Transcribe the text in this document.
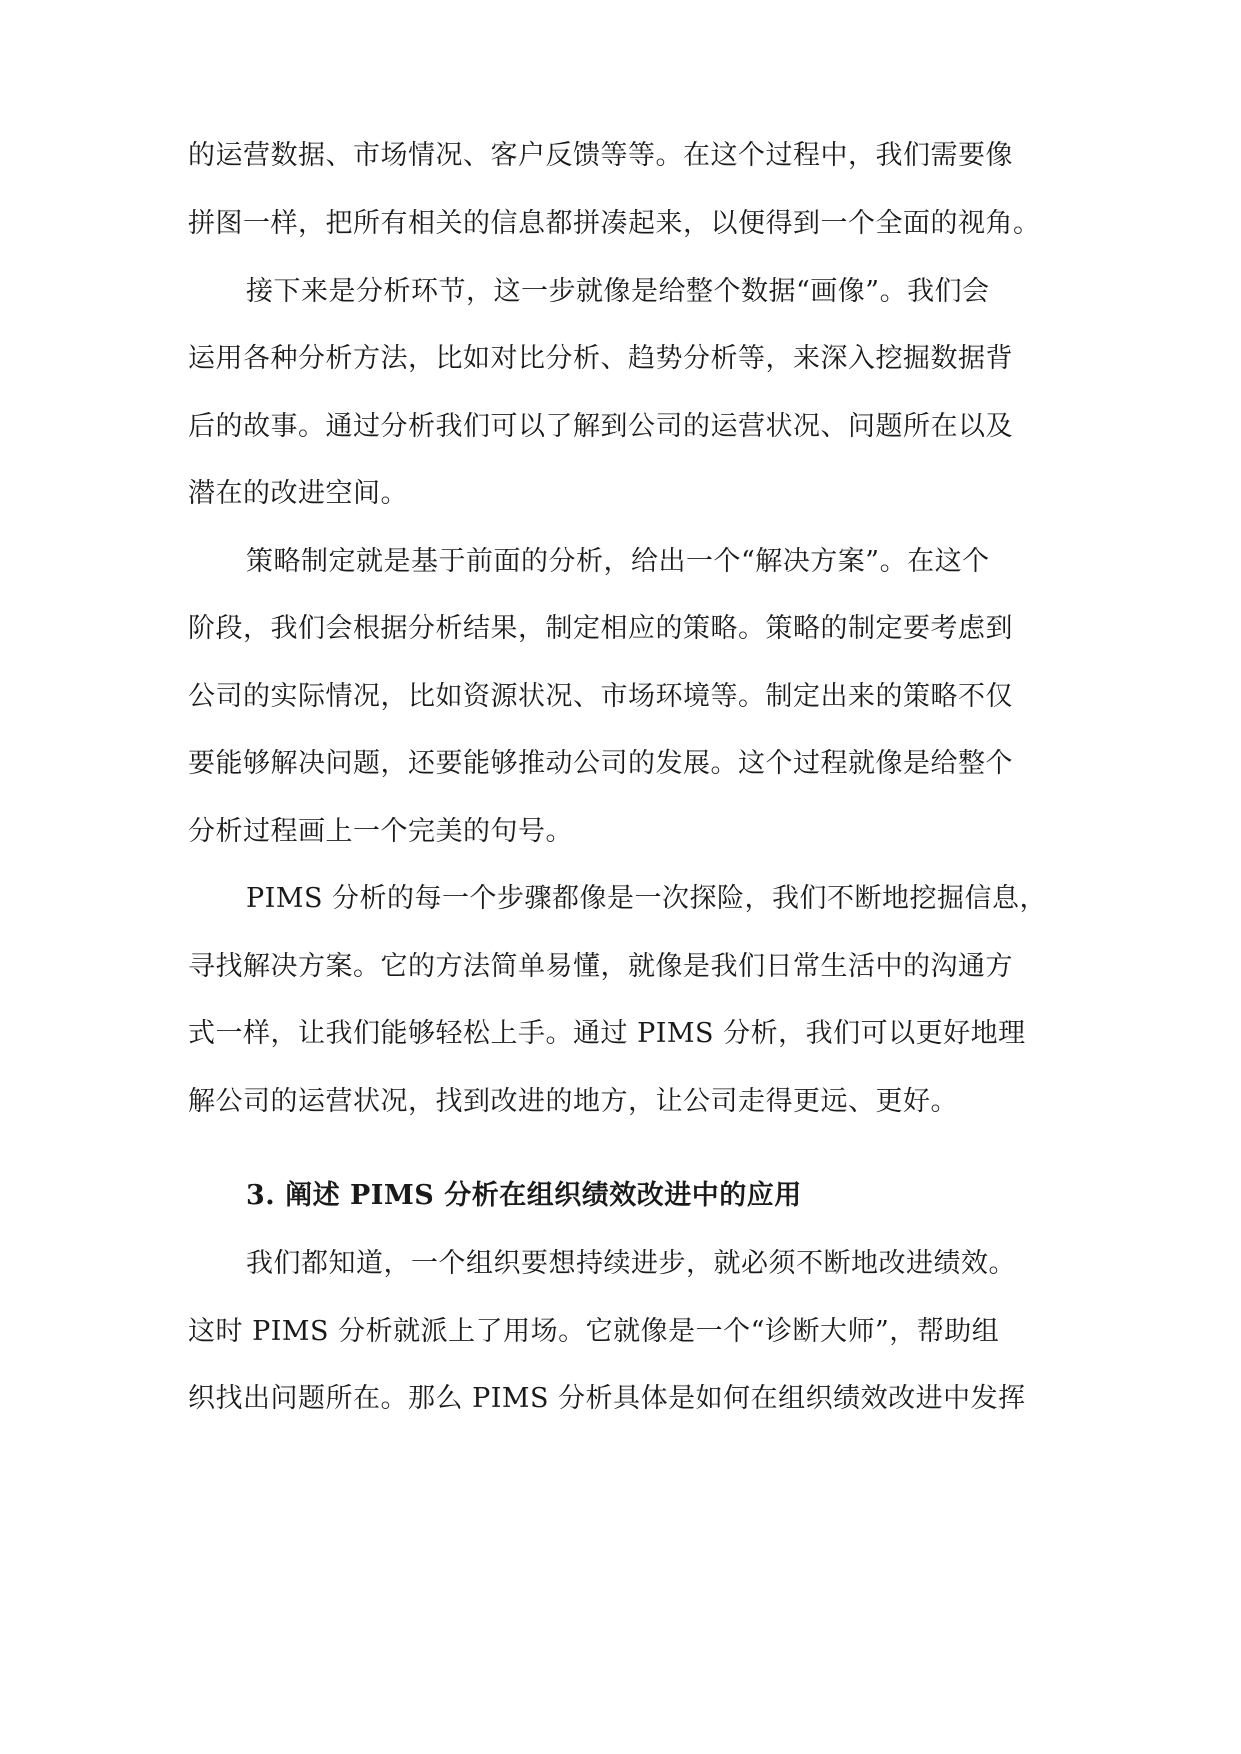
的运营数据、市场情况、客户反馈等等。在这个过程中，我们需要像
拼图一样，把所有相关的信息都拼凑起来，以便得到一个全面的视角。
接下来是分析环节，这一步就像是给整个数据“画像”。我们会
运用各种分析方法，比如对比分析、趋势分析等，来深入挖掘数据背
后的故事。通过分析我们可以了解到公司的运营状况、问题所在以及
潜在的改进空间。
策略制定就是基于前面的分析，给出一个“解决方案”。在这个
阶段，我们会根据分析结果，制定相应的策略。策略的制定要考虑到
公司的实际情况，比如资源状况、市场环境等。制定出来的策略不仅
要能够解决问题，还要能够推动公司的发展。这个过程就像是给整个
分析过程画上一个完美的句号。
PIMS 分析的每一个步骤都像是一次探险，我们不断地挖掘信息，
寻找解决方案。它的方法简单易懂，就像是我们日常生活中的沟通方
式一样，让我们能够轻松上手。通过 PIMS 分析，我们可以更好地理
解公司的运营状况，找到改进的地方，让公司走得更远、更好。
3. 阐述 PIMS 分析在组织绩效改进中的应用
我们都知道，一个组织要想持续进步，就必须不断地改进绩效。
这时 PIMS 分析就派上了用场。它就像是一个“诊断大师”，帮助组
织找出问题所在。那么 PIMS 分析具体是如何在组织绩效改进中发挥
